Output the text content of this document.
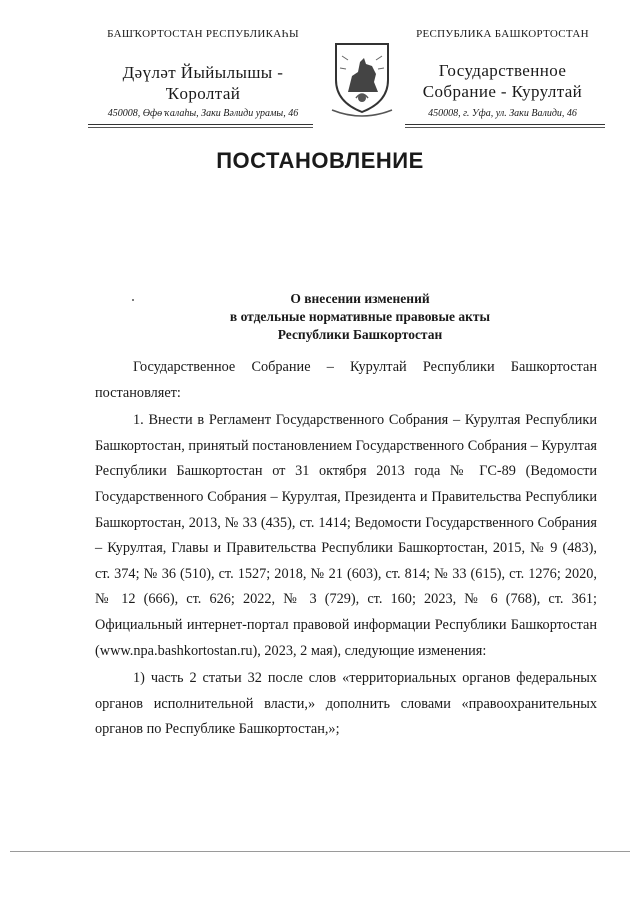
БАШҠОРТОСТАН РЕСПУБЛИКАҺЫ
Дәүләт Йыйылышы -
Ҡоролтай
РЕСПУБЛИКА БАШКОРТОСТАН
Государственное
Собрание - Курултай
450008, Өфө ҡалаһы, Заки Вәлиди урамы, 46	450008, г. Уфа, ул. Заки Валиди, 46
ПОСТАНОВЛЕНИЕ
О внесении изменений
в отдельные нормативные правовые акты
Республики Башкортостан

Государственное Собрание – Курултай Республики Башкортостан постановляет:

1. Внести в Регламент Государственного Собрания – Курултая Республики Башкортостан, принятый постановлением Государственного Собрания – Курултая Республики Башкортостан от 31 октября 2013 года № ГС-89 (Ведомости Государственного Собрания – Курултая, Президента и Правительства Республики Башкортостан, 2013, № 33 (435), ст. 1414; Ведомости Государственного Собрания – Курултая, Главы и Правительства Республики Башкортостан, 2015, № 9 (483), ст. 374; № 36 (510), ст. 1527; 2018, № 21 (603), ст. 814; № 33 (615), ст. 1276; 2020, № 12 (666), ст. 626; 2022, № 3 (729), ст. 160; 2023, № 6 (768), ст. 361; Официальный интернет-портал правовой информации Республики Башкортостан (www.npa.bashkortostan.ru), 2023, 2 мая), следующие изменения:

1) часть 2 статьи 32 после слов «территориальных органов федеральных органов исполнительной власти,» дополнить словами «правоохранительных органов по Республике Башкортостан,»;
